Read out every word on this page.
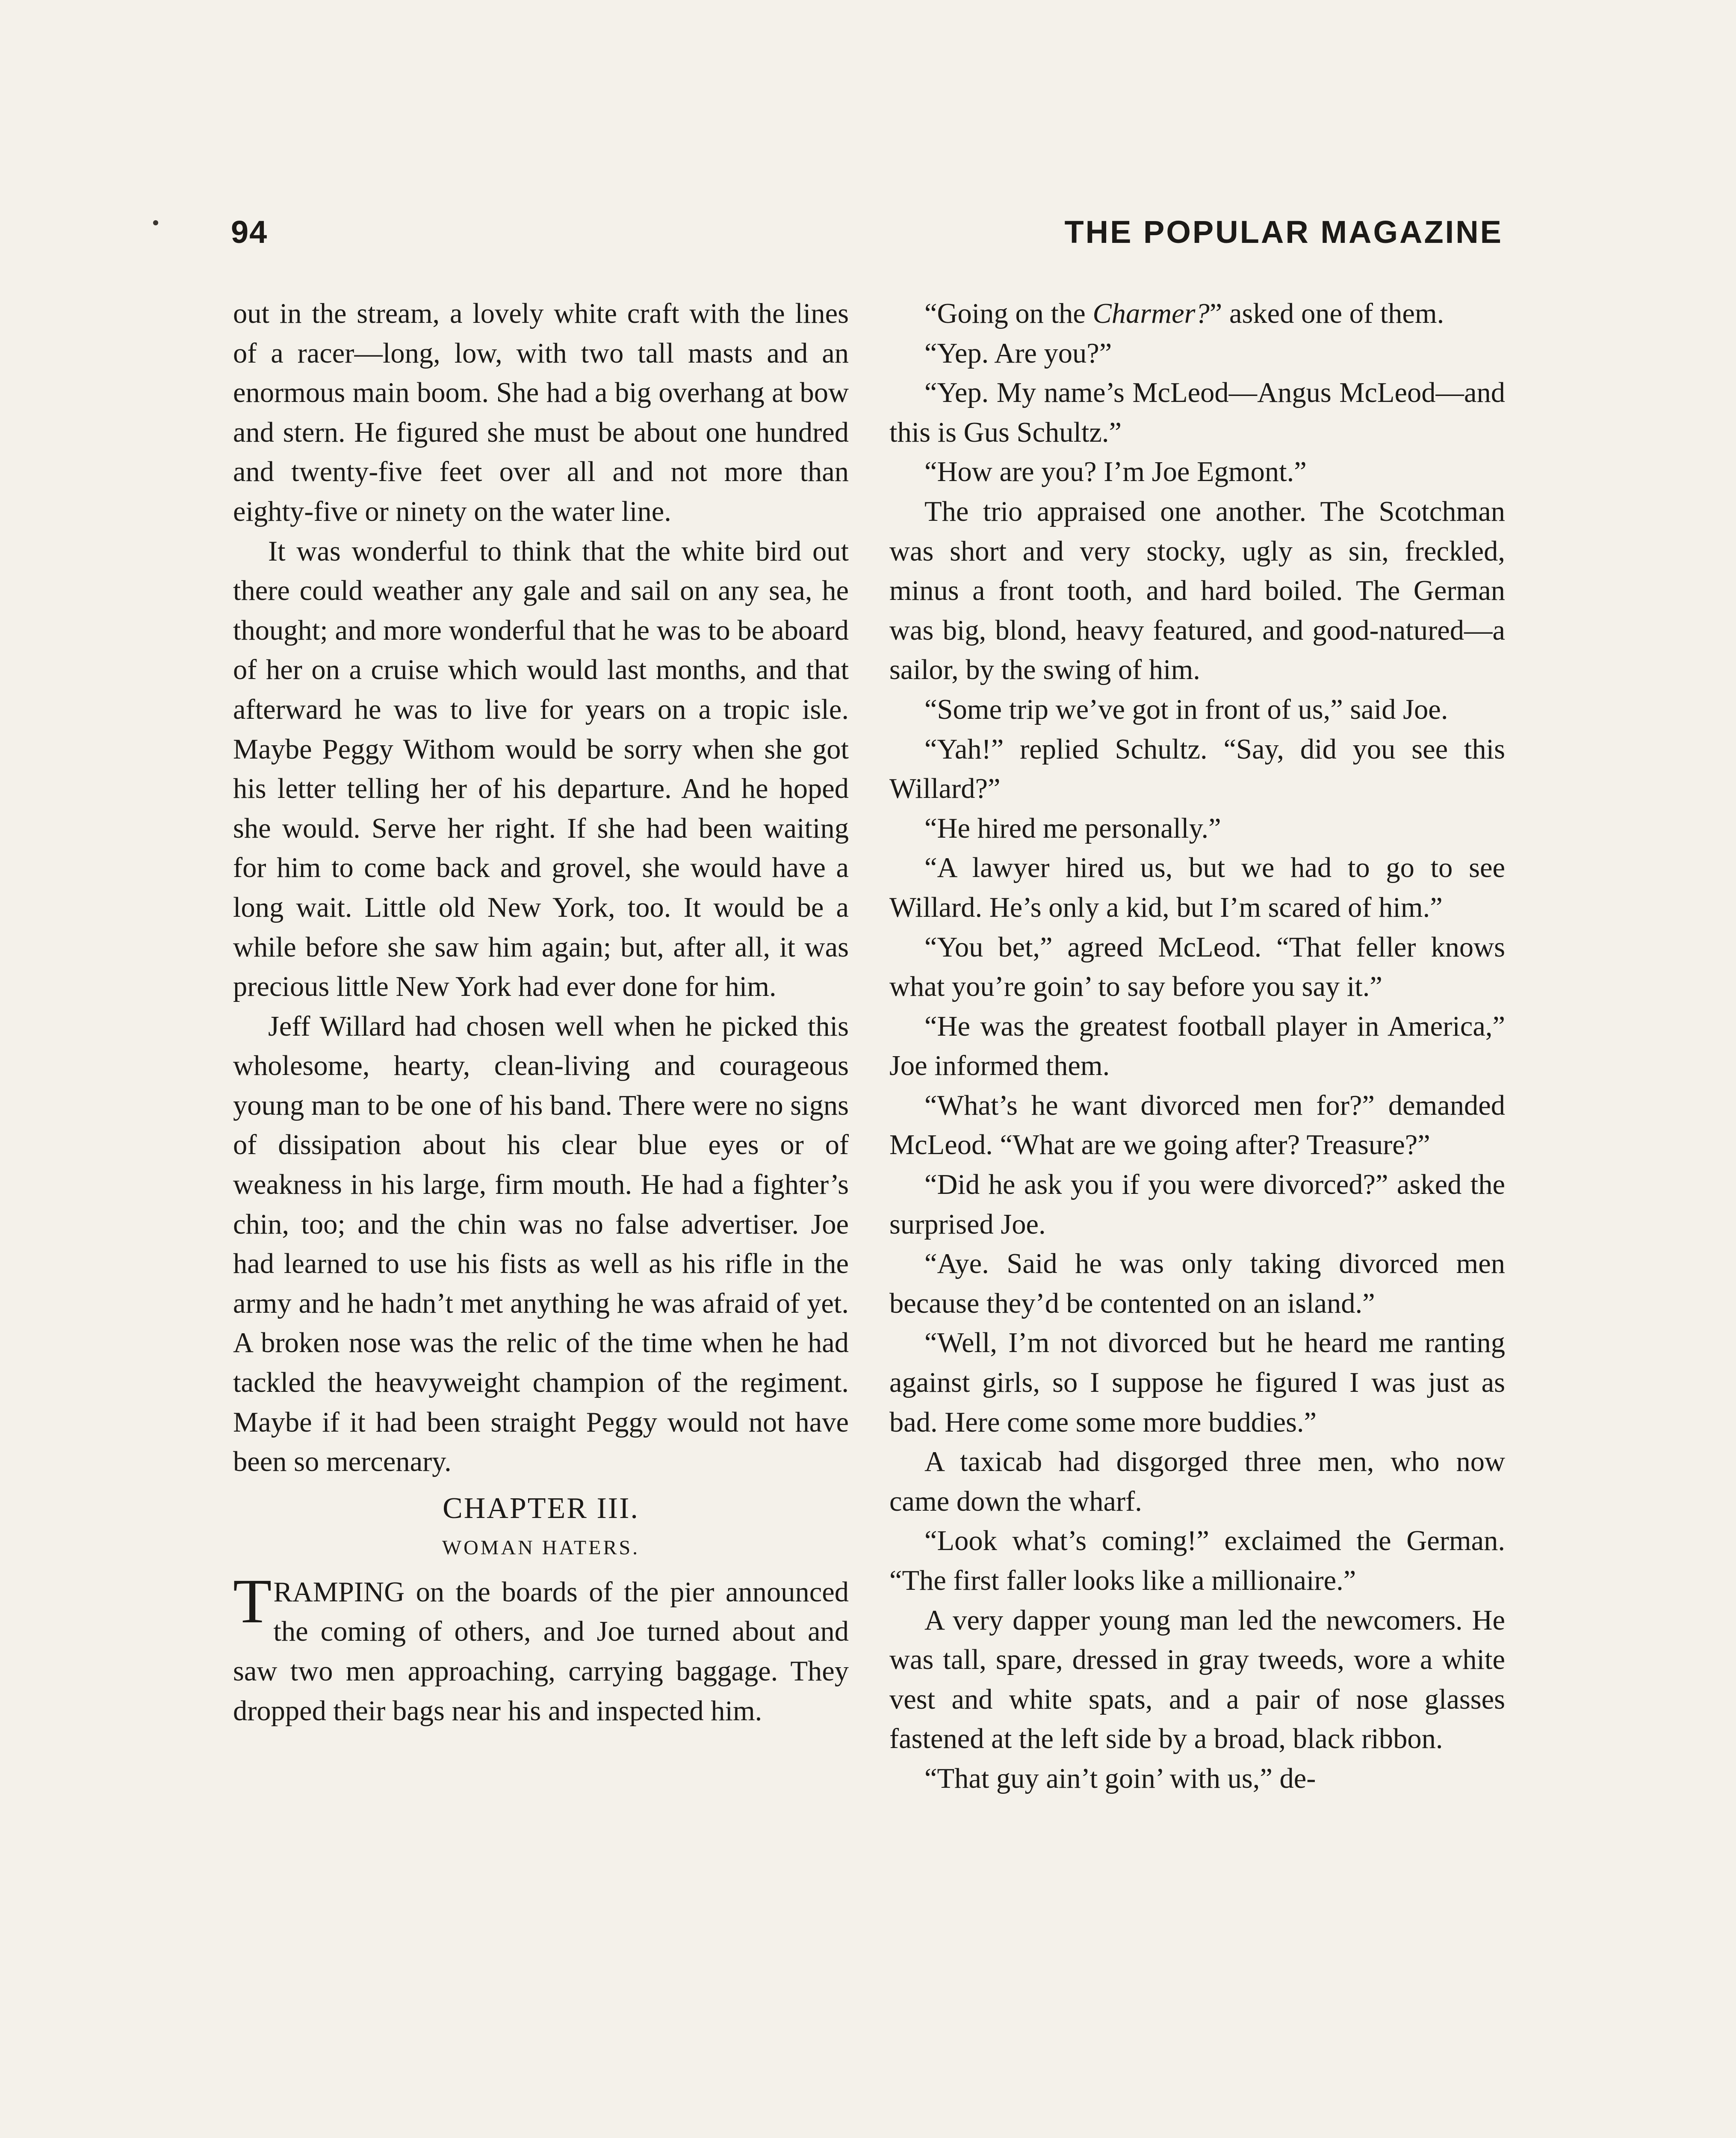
94	THE POPULAR MAGAZINE

out in the stream, a lovely white craft with the lines of a racer—long, low, with two tall masts and an enormous main boom. She had a big overhang at bow and stern. He figured she must be about one hundred and twenty-five feet over all and not more than eighty-five or ninety on the water line.

It was wonderful to think that the white bird out there could weather any gale and sail on any sea, he thought; and more wonderful that he was to be aboard of her on a cruise which would last months, and that afterward he was to live for years on a tropic isle. Maybe Peggy Withom would be sorry when she got his letter telling her of his departure. And he hoped she would. Serve her right. If she had been waiting for him to come back and grovel, she would have a long wait. Little old New York, too. It would be a while before she saw him again; but, after all, it was precious little New York had ever done for him.

Jeff Willard had chosen well when he picked this wholesome, hearty, clean-living and courageous young man to be one of his band. There were no signs of dissipation about his clear blue eyes or of weakness in his large, firm mouth. He had a fighter’s chin, too; and the chin was no false advertiser. Joe had learned to use his fists as well as his rifle in the army and he hadn’t met anything he was afraid of yet. A broken nose was the relic of the time when he had tackled the heavyweight champion of the regiment. Maybe if it had been straight Peggy would not have been so mercenary.

CHAPTER III.
WOMAN HATERS.

TRAMPING on the boards of the pier announced the coming of others, and Joe turned about and saw two men approaching, carrying baggage. They dropped their bags near his and inspected him.

“Going on the Charmer?” asked one of them.

“Yep. Are you?”

“Yep. My name’s McLeod—Angus McLeod—and this is Gus Schultz.”

“How are you? I’m Joe Egmont.”

The trio appraised one another. The Scotchman was short and very stocky, ugly as sin, freckled, minus a front tooth, and hard boiled. The German was big, blond, heavy featured, and good-natured—a sailor, by the swing of him.

“Some trip we’ve got in front of us,” said Joe.

“Yah!” replied Schultz. “Say, did you see this Willard?”

“He hired me personally.”

“A lawyer hired us, but we had to go to see Willard. He’s only a kid, but I’m scared of him.”

“You bet,” agreed McLeod. “That feller knows what you’re goin’ to say before you say it.”

“He was the greatest football player in America,” Joe informed them.

“What’s he want divorced men for?” demanded McLeod. “What are we going after? Treasure?”

“Did he ask you if you were divorced?” asked the surprised Joe.

“Aye. Said he was only taking divorced men because they’d be contented on an island.”

“Well, I’m not divorced but he heard me ranting against girls, so I suppose he figured I was just as bad. Here come some more buddies.”

A taxicab had disgorged three men, who now came down the wharf.

“Look what’s coming!” exclaimed the German. “The first faller looks like a millionaire.”

A very dapper young man led the newcomers. He was tall, spare, dressed in gray tweeds, wore a white vest and white spats, and a pair of nose glasses fastened at the left side by a broad, black ribbon.

“That guy ain’t goin’ with us,” de-
